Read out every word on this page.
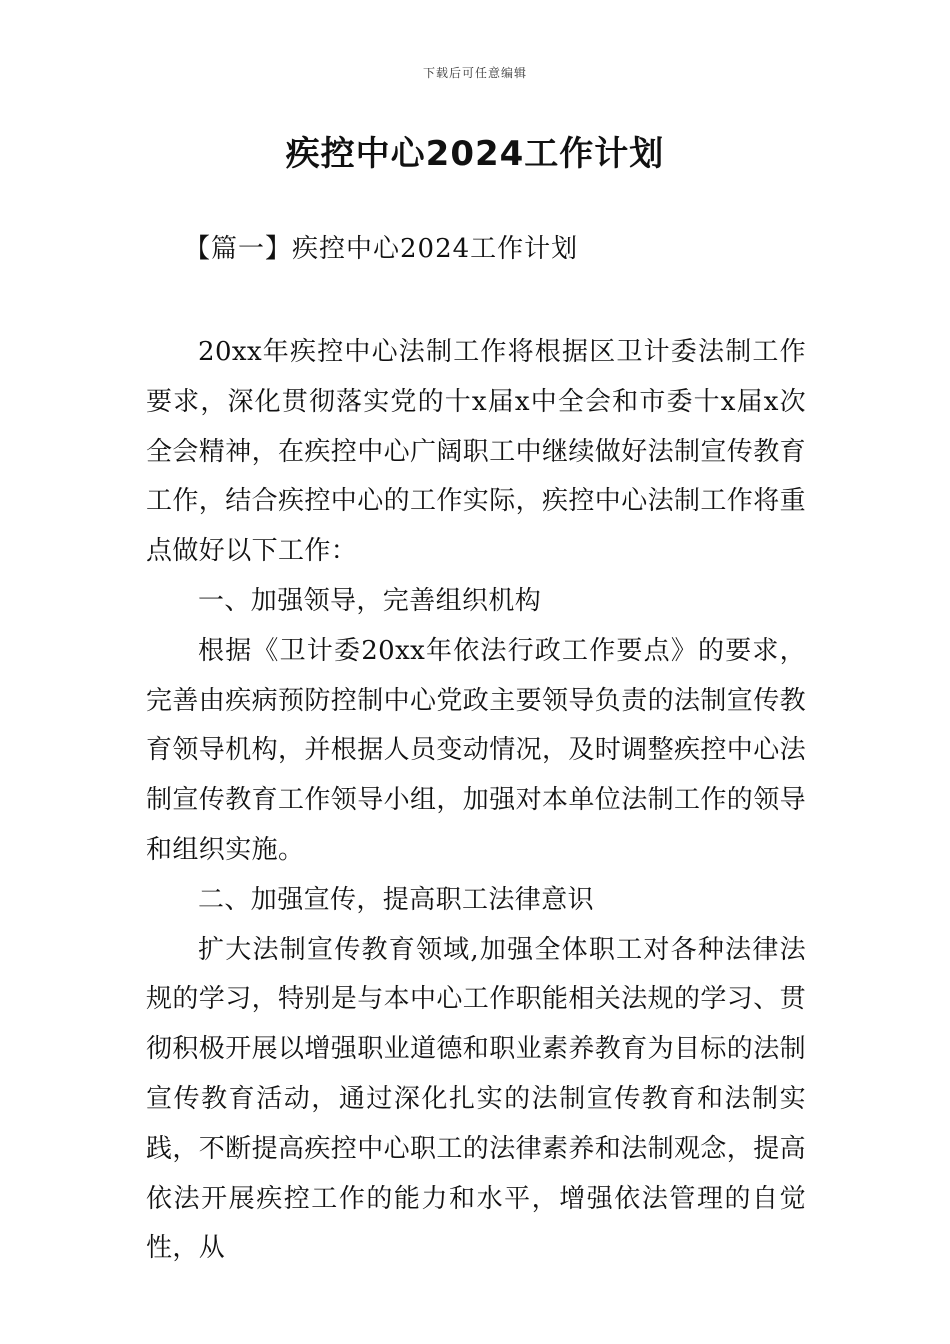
下载后可任意编辑
疾控中心2024工作计划
【篇一】疾控中心2024工作计划

20xx年疾控中心法制工作将根据区卫计委法制工作要求，深化贯彻落实党的十x届x中全会和市委十x届x次全会精神，在疾控中心广阔职工中继续做好法制宣传教育工作，结合疾控中心的工作实际，疾控中心法制工作将重点做好以下工作：

一、加强领导，完善组织机构

根据《卫计委20xx年依法行政工作要点》的要求，完善由疾病预防控制中心党政主要领导负责的法制宣传教育领导机构，并根据人员变动情况，及时调整疾控中心法制宣传教育工作领导小组，加强对本单位法制工作的领导和组织实施。

二、加强宣传，提高职工法律意识

扩大法制宣传教育领域,加强全体职工对各种法律法规的学习，特别是与本中心工作职能相关法规的学习、贯彻积极开展以增强职业道德和职业素养教育为目标的法制宣传教育活动，通过深化扎实的法制宣传教育和法制实践，不断提高疾控中心职工的法律素养和法制观念，提高依法开展疾控工作的能力和水平，增强依法管理的自觉性，从
